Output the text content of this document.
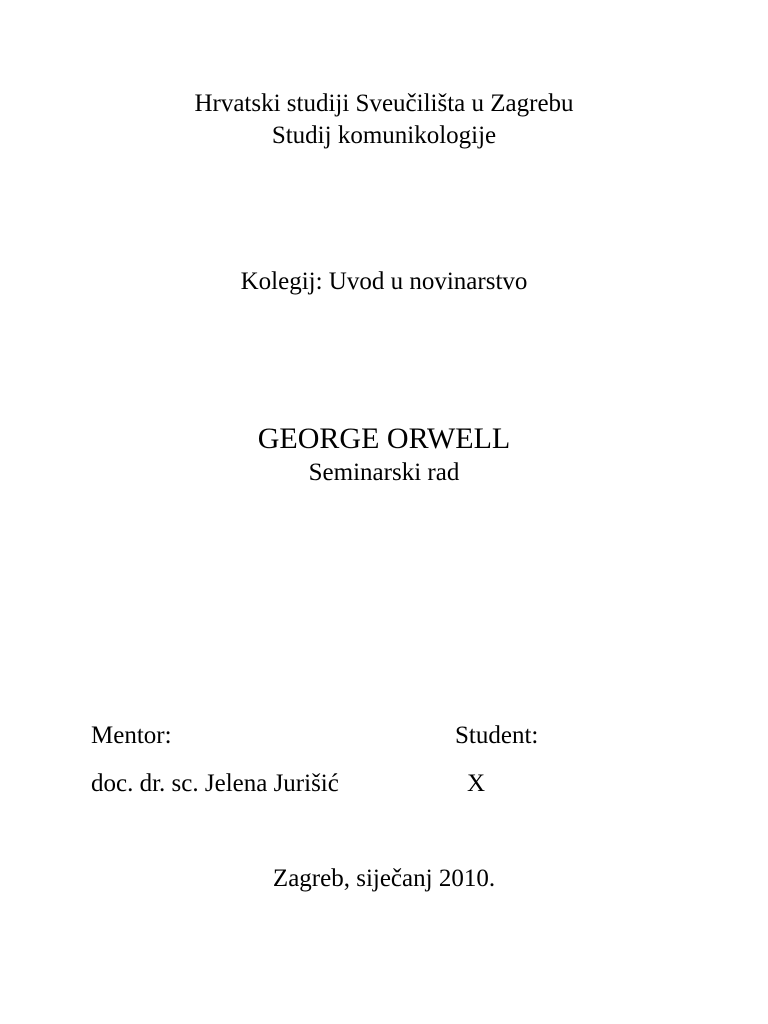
Hrvatski studiji Sveučilišta u Zagrebu
Studij komunikologije
Kolegij: Uvod u novinarstvo
GEORGE ORWELL
Seminarski rad
Mentor:	Student:
doc. dr. sc. Jelena Jurišić	X
Zagreb, siječanj 2010.
